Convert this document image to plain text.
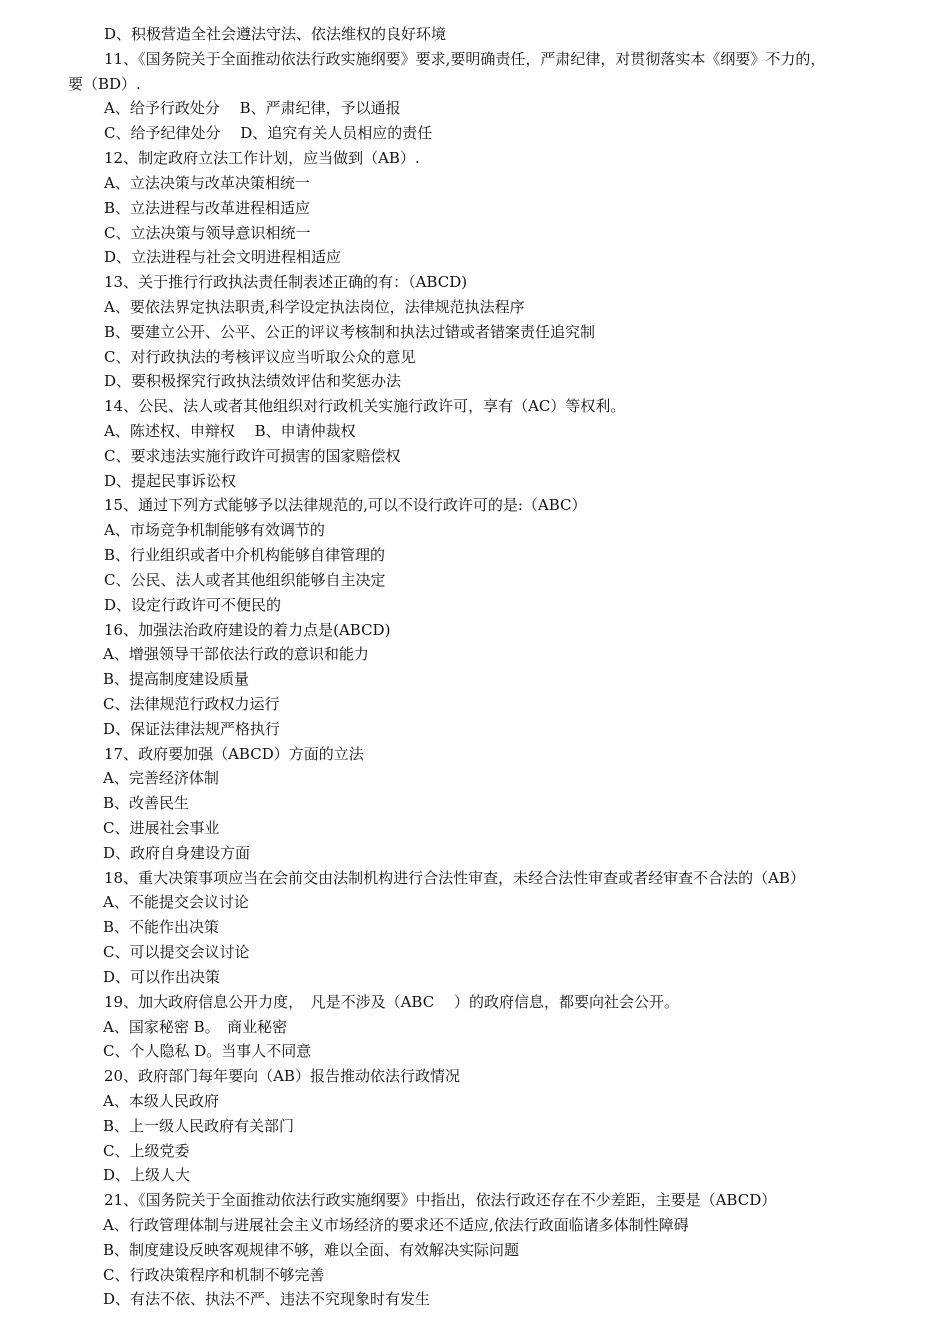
D、积极营造全社会遵法守法、依法维权的良好环境
11、《国务院关于全面推动依法行政实施纲要》要求,要明确责任，严肃纪律，对贯彻落实本《纲要》不力的，
要（BD）.
A、给予行政处分　 B、严肃纪律，予以通报
C、给予纪律处分　 D、追究有关人员相应的责任
12、制定政府立法工作计划，应当做到（AB）.
A、立法决策与改革决策相统一
B、立法进程与改革进程相适应
C、立法决策与领导意识相统一
D、立法进程与社会文明进程相适应
13、关于推行行政执法责任制表述正确的有：（ABCD)
A、要依法界定执法职责,科学设定执法岗位，法律规范执法程序
B、要建立公开、公平、公正的评议考核制和执法过错或者错案责任追究制
C、对行政执法的考核评议应当听取公众的意见
D、要积极探究行政执法绩效评估和奖惩办法
14、公民、法人或者其他组织对行政机关实施行政许可，享有（AC）等权利。
A、陈述权、申辩权　 B、申请仲裁权
C、要求违法实施行政许可损害的国家赔偿权
D、提起民事诉讼权
15、通过下列方式能够予以法律规范的,可以不设行政许可的是:（ABC）
A、市场竞争机制能够有效调节的
B、行业组织或者中介机构能够自律管理的
C、公民、法人或者其他组织能够自主决定
D、设定行政许可不便民的
16、加强法治政府建设的着力点是(ABCD)
A、增强领导干部依法行政的意识和能力
B、提高制度建设质量
C、法律规范行政权力运行
D、保证法律法规严格执行
17、政府要加强（ABCD）方面的立法
A、完善经济体制
B、改善民生
C、进展社会事业
D、政府自身建设方面
18、重大决策事项应当在会前交由法制机构进行合法性审查，未经合法性审查或者经审查不合法的（AB）
A、不能提交会议讨论
B、不能作出决策
C、可以提交会议讨论
D、可以作出决策
19、加大政府信息公开力度，　凡是不涉及（ABC　 ）的政府信息，都要向社会公开。
A、国家秘密 B。　商业秘密
C、个人隐私 D。当事人不同意
20、政府部门每年要向（AB）报告推动依法行政情况
A、本级人民政府
B、上一级人民政府有关部门
C、上级党委
D、上级人大
21、《国务院关于全面推动依法行政实施纲要》中指出，依法行政还存在不少差距，主要是（ABCD）
A、行政管理体制与进展社会主义市场经济的要求还不适应,依法行政面临诸多体制性障碍
B、制度建设反映客观规律不够，难以全面、有效解决实际问题
C、行政决策程序和机制不够完善
D、有法不依、执法不严、违法不究现象时有发生
